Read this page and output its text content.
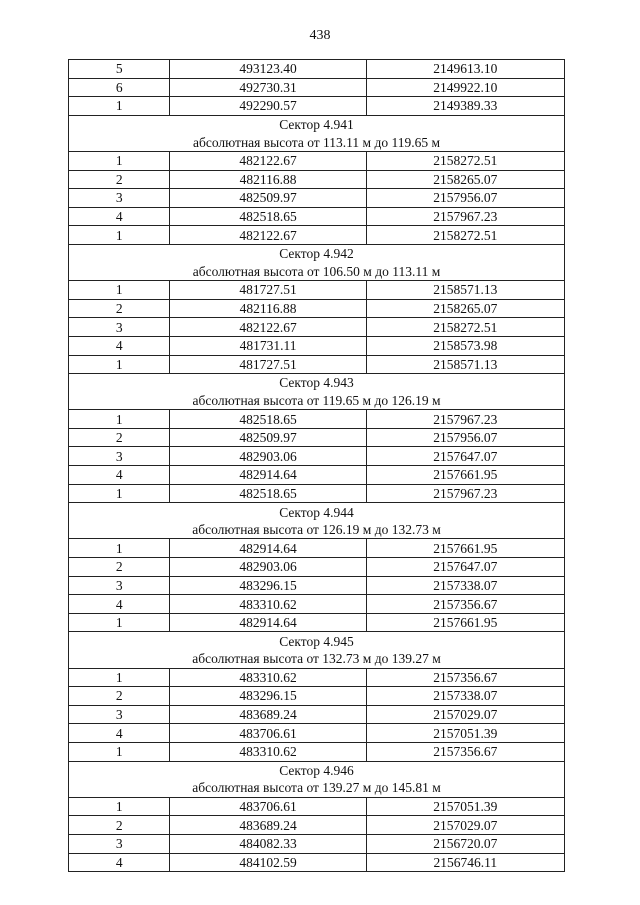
438
5	493123.40	2149613.10
6	492730.31	2149922.10
1	492290.57	2149389.33
Сектор 4.941		
абсолютная высота от 113.11 м до 119.65 м		
1	482122.67	2158272.51
2	482116.88	2158265.07
3	482509.97	2157956.07
4	482518.65	2157967.23
1	482122.67	2158272.51
Сектор 4.942		
абсолютная высота от 106.50 м до 113.11 м		
1	481727.51	2158571.13
2	482116.88	2158265.07
3	482122.67	2158272.51
4	481731.11	2158573.98
1	481727.51	2158571.13
Сектор 4.943		
абсолютная высота от 119.65 м до 126.19 м		
1	482518.65	2157967.23
2	482509.97	2157956.07
3	482903.06	2157647.07
4	482914.64	2157661.95
1	482518.65	2157967.23
Сектор 4.944		
абсолютная высота от 126.19 м до 132.73 м		
1	482914.64	2157661.95
2	482903.06	2157647.07
3	483296.15	2157338.07
4	483310.62	2157356.67
1	482914.64	2157661.95
Сектор 4.945		
абсолютная высота от 132.73 м до 139.27 м		
1	483310.62	2157356.67
2	483296.15	2157338.07
3	483689.24	2157029.07
4	483706.61	2157051.39
1	483310.62	2157356.67
Сектор 4.946		
абсолютная высота от 139.27 м до 145.81 м		
1	483706.61	2157051.39
2	483689.24	2157029.07
3	484082.33	2156720.07
4	484102.59	2156746.11
